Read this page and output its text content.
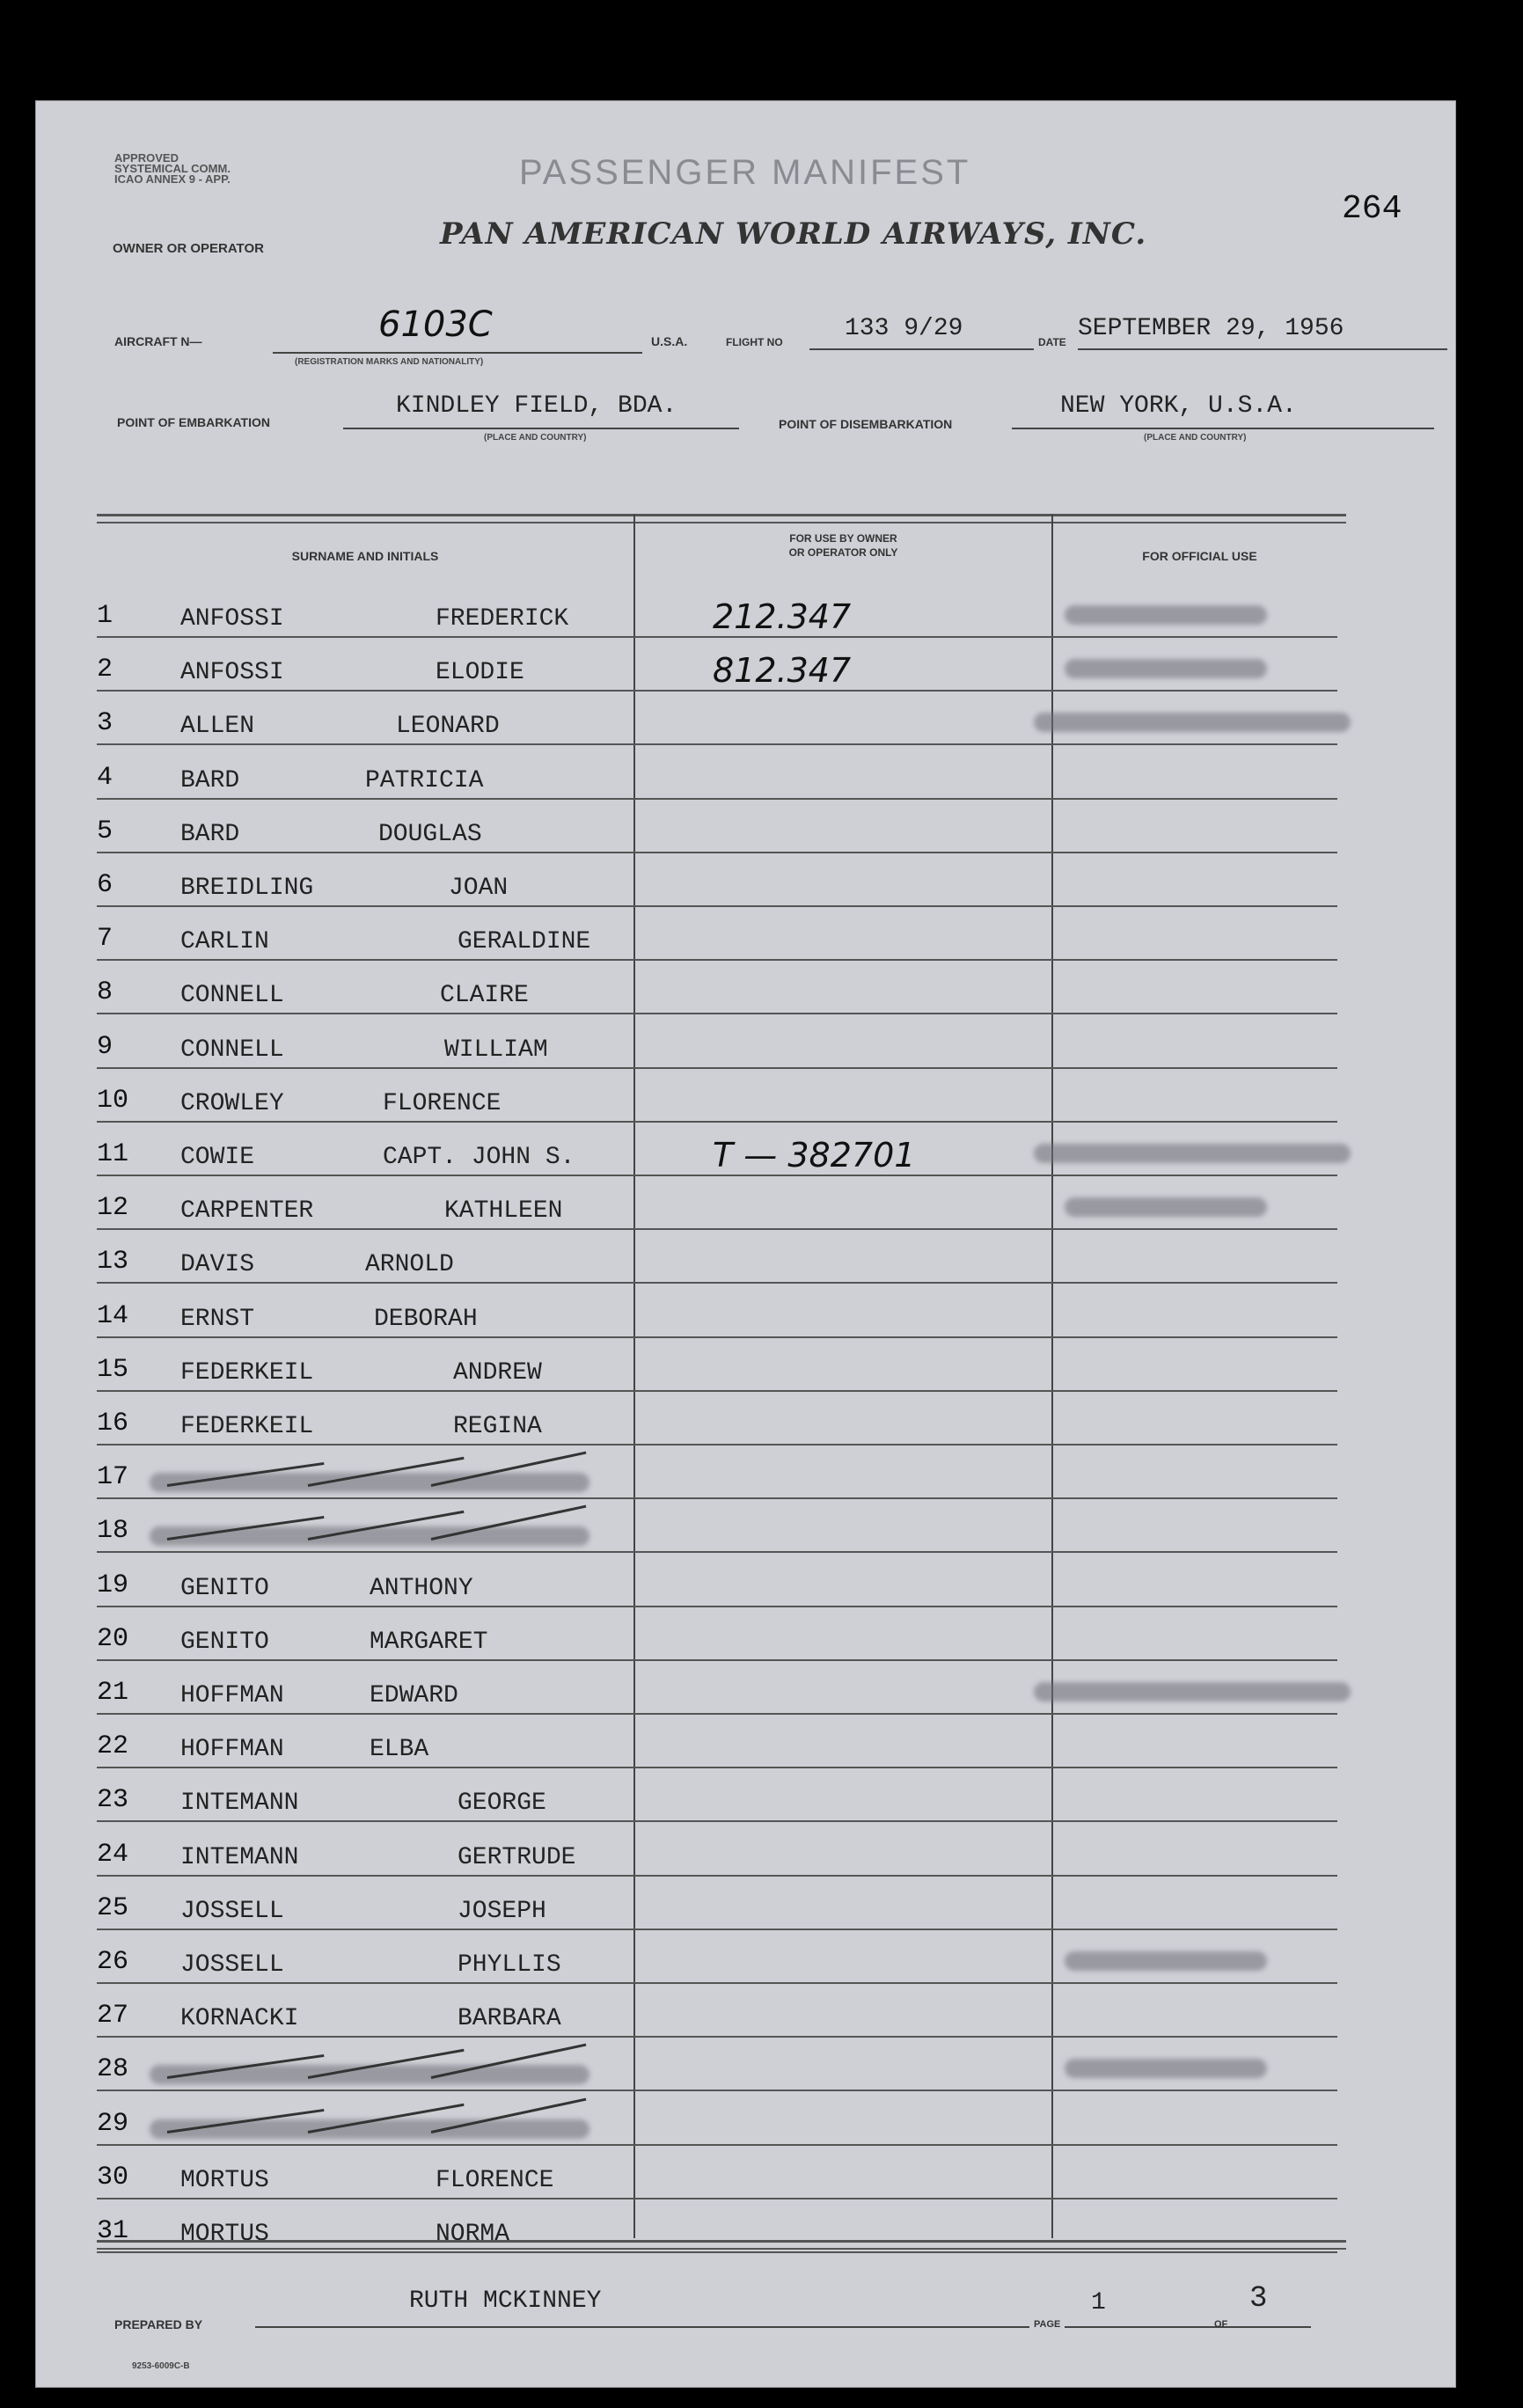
APPROVED
SYSTEMICAL COMM.
ICAO ANNEX 9 - APP.	PASSENGER MANIFEST
264
OWNER OR OPERATOR	PAN AMERICAN WORLD AIRWAYS, INC.
AIRCRAFT N—	6103C
(REGISTRATION MARKS AND NATIONALITY)
U.S.A.	FLIGHT NO	133 9/29	DATE SEPTEMBER 29, 1956
POINT OF EMBARKATION
KINDLEY FIELD, BDA.
(PLACE AND COUNTRY)
POINT OF DISEMBARKATION
NEW YORK, U.S.A.
(PLACE AND COUNTRY)
SURNAME AND INITIALS
FOR USE BY OWNER
OR OPERATOR ONLY	FOR OFFICIAL USE
1	ANFOSSI	FREDERICK	212.347
2	ANFOSSI	ELODIE	812.347
3	ALLEN	LEONARD
4	BARD	PATRICIA
5	BARD	DOUGLAS
6	BREIDLING	JOAN
7	CARLIN	GERALDINE
8	CONNELL	CLAIRE
9	CONNELL	WILLIAM
10	CROWLEY	FLORENCE
11	COWIE	CAPT. JOHN S.	T — 382701
12	CARPENTER	KATHLEEN
13	DAVIS	ARNOLD
14	ERNST	DEBORAH
15	FEDERKEIL	ANDREW
16	FEDERKEIL	REGINA
17
18
19	GENITO	ANTHONY
20	GENITO	MARGARET
21	HOFFMAN	EDWARD
22	HOFFMAN	ELBA
23	INTEMANN	GEORGE
24	INTEMANN	GERTRUDE
25	JOSSELL	JOSEPH
26	JOSSELL	PHYLLIS
27	KORNACKI	BARBARA
28
29
30	MORTUS	FLORENCE
31	MORTUS	NORMA
PREPARED BY
RUTH MCKINNEY
PAGE
1
OF
3
9253-6009C-B
